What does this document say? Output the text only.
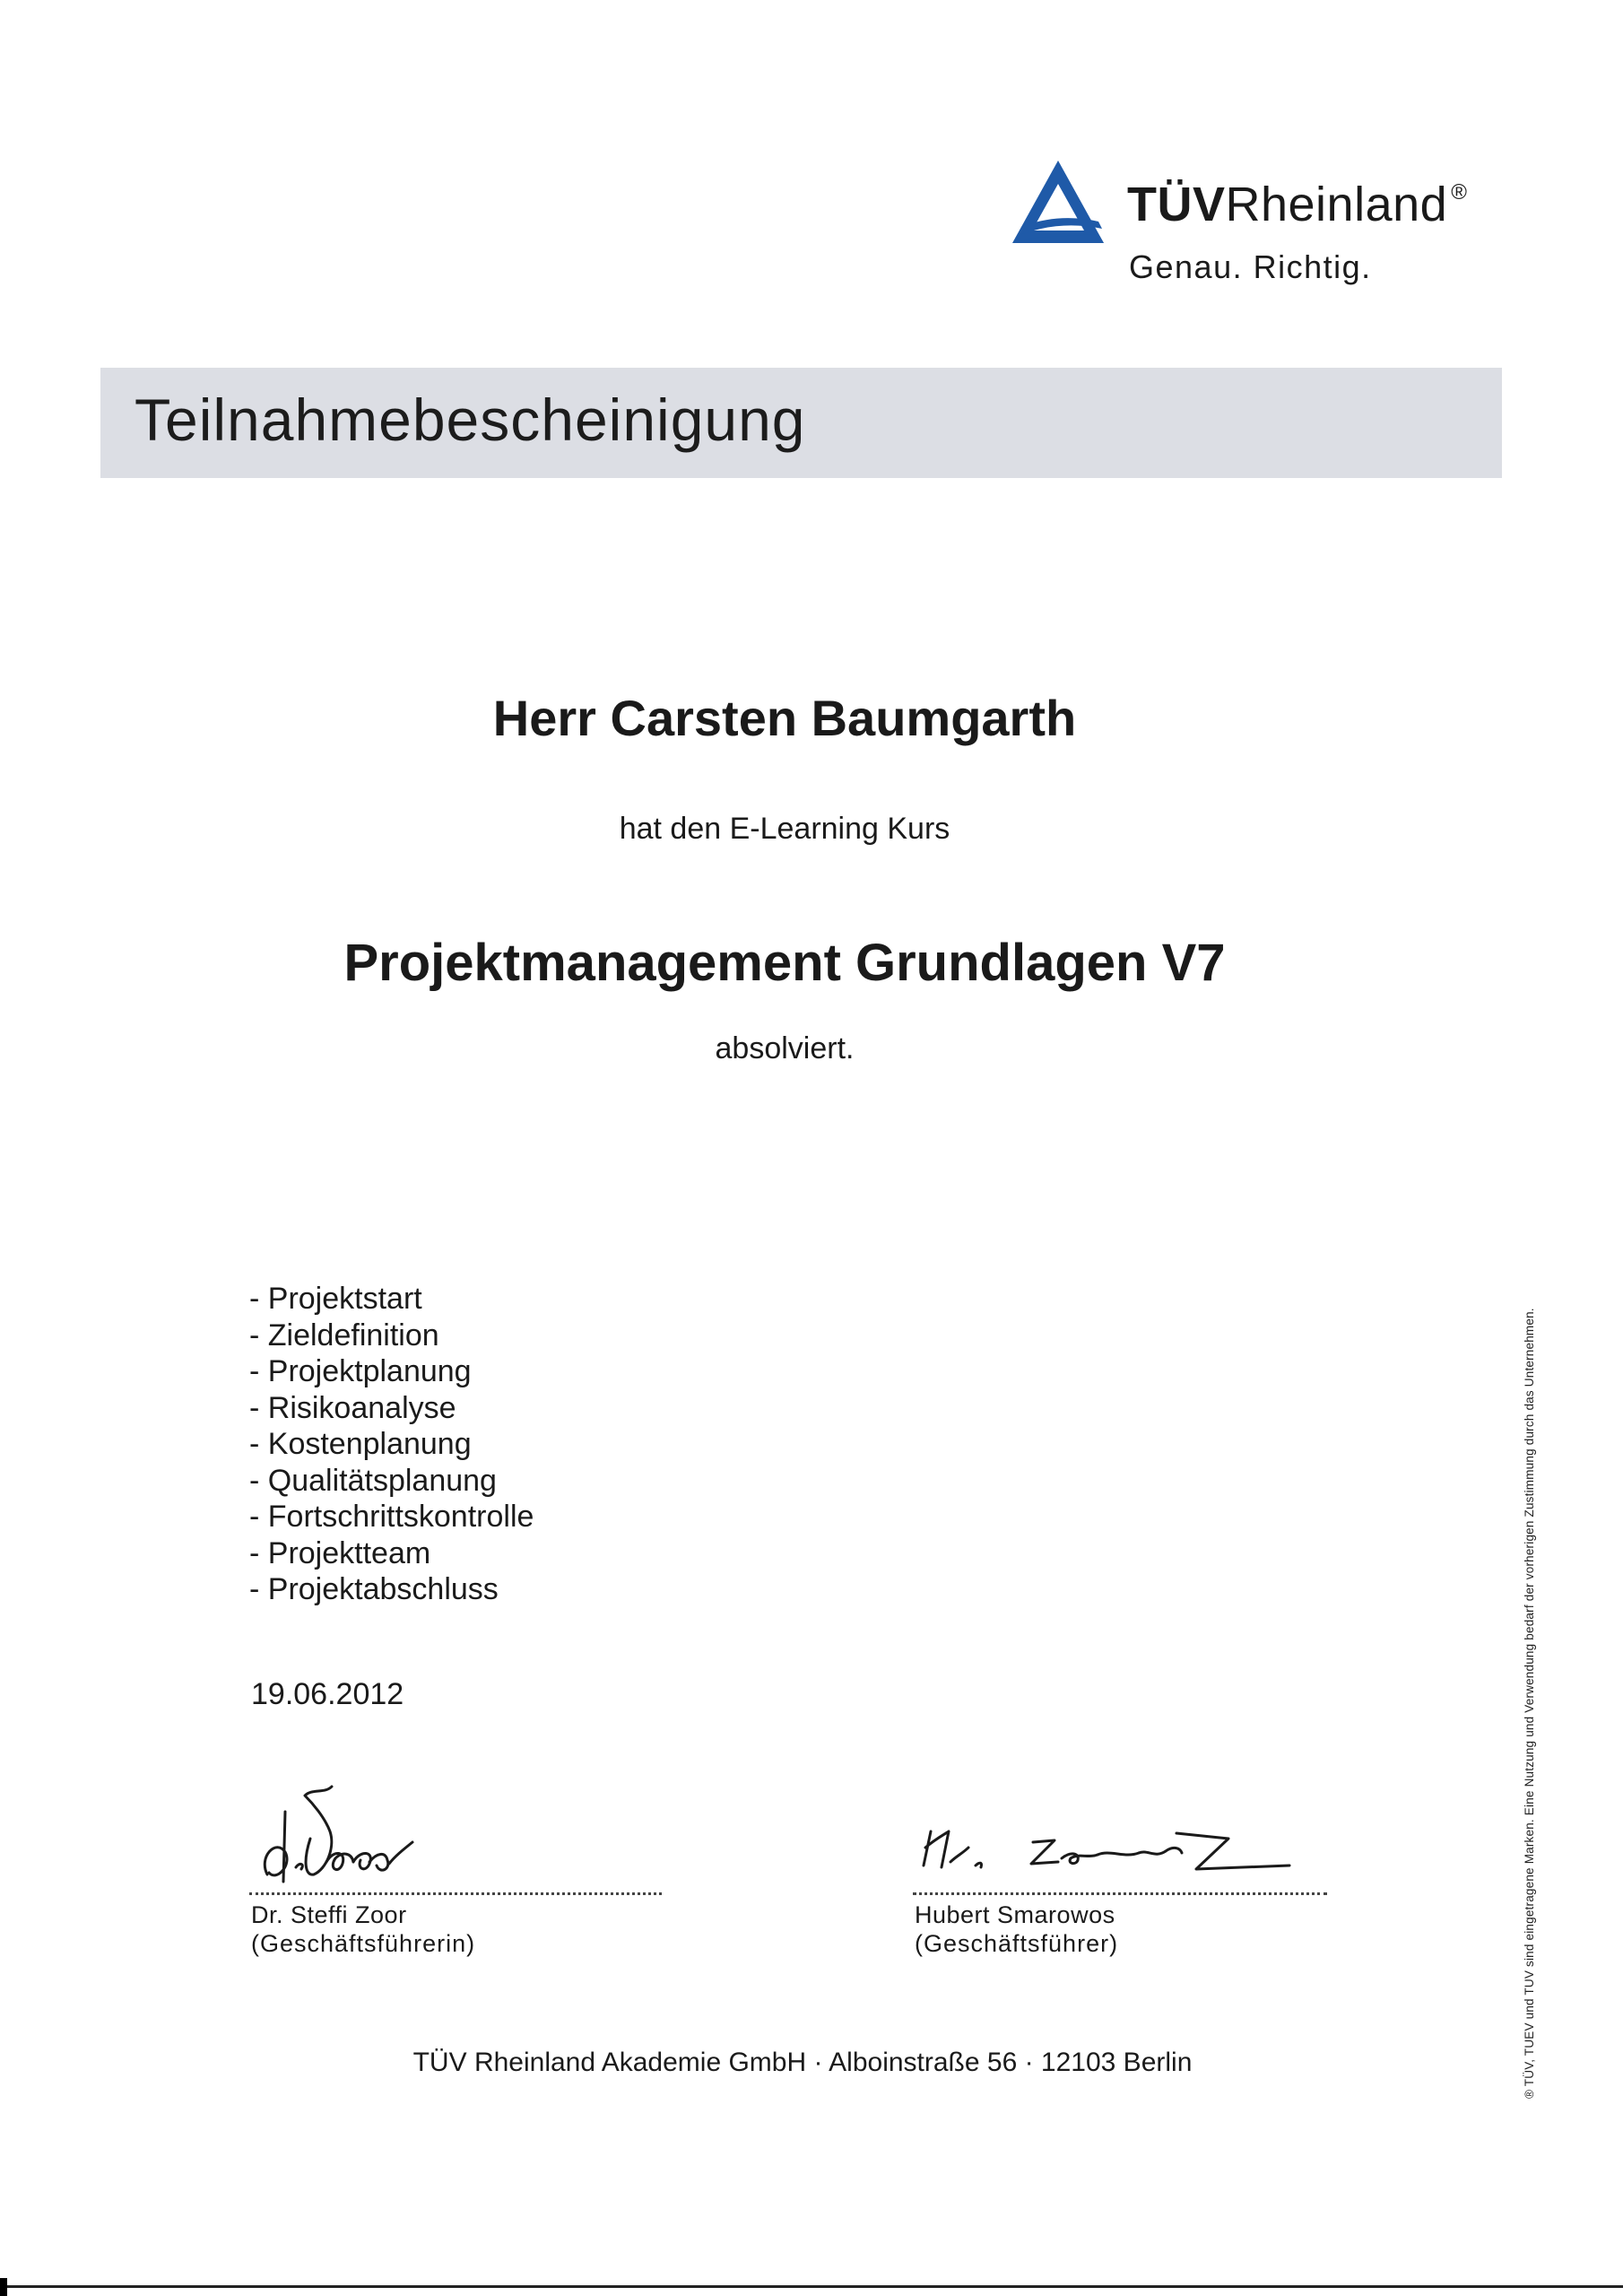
TÜVRheinland ®
Genau. Richtig.
Teilnahmebescheinigung
Herr Carsten Baumgarth
hat den E-Learning Kurs
Projektmanagement Grundlagen V7
absolviert.
- Projektstart
- Zieldefinition
- Projektplanung
- Risikoanalyse
- Kostenplanung
- Qualitätsplanung
- Fortschrittskontrolle
- Projektteam
- Projektabschluss
19.06.2012
Dr. Steffi Zoor
(Geschäftsführerin)
Hubert Smarowos
(Geschäftsführer)
TÜV Rheinland Akademie GmbH · Alboinstraße 56 · 12103 Berlin	® TÜV, TUEV und TUV sind eingetragene Marken. Eine Nutzung und Verwendung bedarf der vorherigen Zustimmung durch das Unternehmen.
